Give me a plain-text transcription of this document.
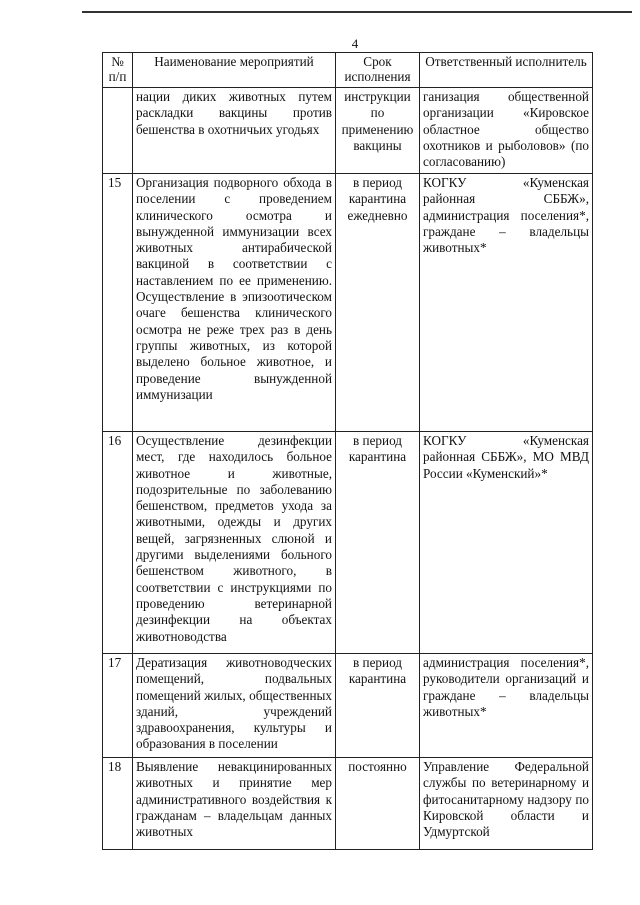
4
№ п/п	Наименование мероприятий	Срок исполнения	Ответственный исполнитель
	нации диких животных путем раскладки вакцины против бешенства в охотничьих угодьях	инструкции по применению вакцины	ганизация общественной организации «Кировское областное общество охотников и рыболовов» (по согласованию)
15	Организация подворного обхода в поселении с проведением клинического осмотра и вынужденной иммунизации всех животных антирабической вакциной в соответствии с наставлением по ее применению. Осуществление в эпизоотическом очаге бешенства клинического осмотра не реже трех раз в день группы животных, из которой выделено больное животное, и проведение вынужденной иммунизации	в период карантина ежедневно	КОГКУ «Куменская районная СББЖ», администрация поселения*, граждане – владельцы животных*
16	Осуществление дезинфекции мест, где находилось больное животное и животные, подозрительные по заболеванию бешенством, предметов ухода за животными, одежды и других вещей, загрязненных слюной и другими выделениями больного бешенством животного, в соответствии с инструкциями по проведению ветеринарной дезинфекции на объектах животноводства	в период карантина	КОГКУ «Куменская районная СББЖ», МО МВД России «Куменский»*
17	Дератизация животноводческих помещений, подвальных помещений жилых, общественных зданий, учреждений здравоохранения, культуры и образования в поселении	в период карантина	администрация поселения*, руководители организаций и граждане – владельцы животных*
18	Выявление невакцинированных животных и принятие мер административного воздействия к гражданам – владельцам данных животных	постоянно	Управление Федеральной службы по ветеринарному и фитосанитарному надзору по Кировской области и Удмуртской
